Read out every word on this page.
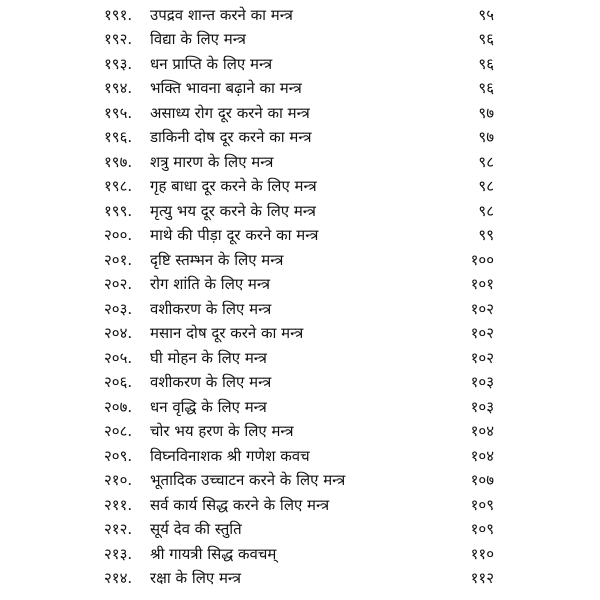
१९१.	उपद्रव शान्त करने का मन्त्र	९५
१९२.	विद्या के लिए मन्त्र	९६
१९३.	धन प्राप्ति के लिए मन्त्र	९६
१९४.	भक्ति भावना बढ़ाने का मन्त्र	९६
१९५.	असाध्य रोग दूर करने का मन्त्र	९७
१९६.	डाकिनी दोष दूर करने का मन्त्र	९७
१९७.	शत्रु मारण के लिए मन्त्र	९८
१९८.	गृह बाधा दूर करने के लिए मन्त्र	९८
१९९.	मृत्यु भय दूर करने के लिए मन्त्र	९८
२००.	माथे की पीड़ा दूर करने का मन्त्र	९९
२०१.	दृष्टि स्तम्भन के लिए मन्त्र	१००
२०२.	रोग शांति के लिए मन्त्र	१०१
२०३.	वशीकरण के लिए मन्त्र	१०२
२०४.	मसान दोष दूर करने का मन्त्र	१०२
२०५.	घी मोहन के लिए मन्त्र	१०२
२०६.	वशीकरण के लिए मन्त्र	१०३
२०७.	धन वृद्धि के लिए मन्त्र	१०३
२०८.	चोर भय हरण के लिए मन्त्र	१०४
२०९.	विघ्नविनाशक श्री गणेश कवच	१०४
२१०.	भूतादिक उच्चाटन करने के लिए मन्त्र	१०७
२११.	सर्व कार्य सिद्ध करने के लिए मन्त्र	१०९
२१२.	सूर्य देव की स्तुति	१०९
२१३.	श्री गायत्री सिद्ध कवचम्	११०
२१४.	रक्षा के लिए मन्त्र	११२
